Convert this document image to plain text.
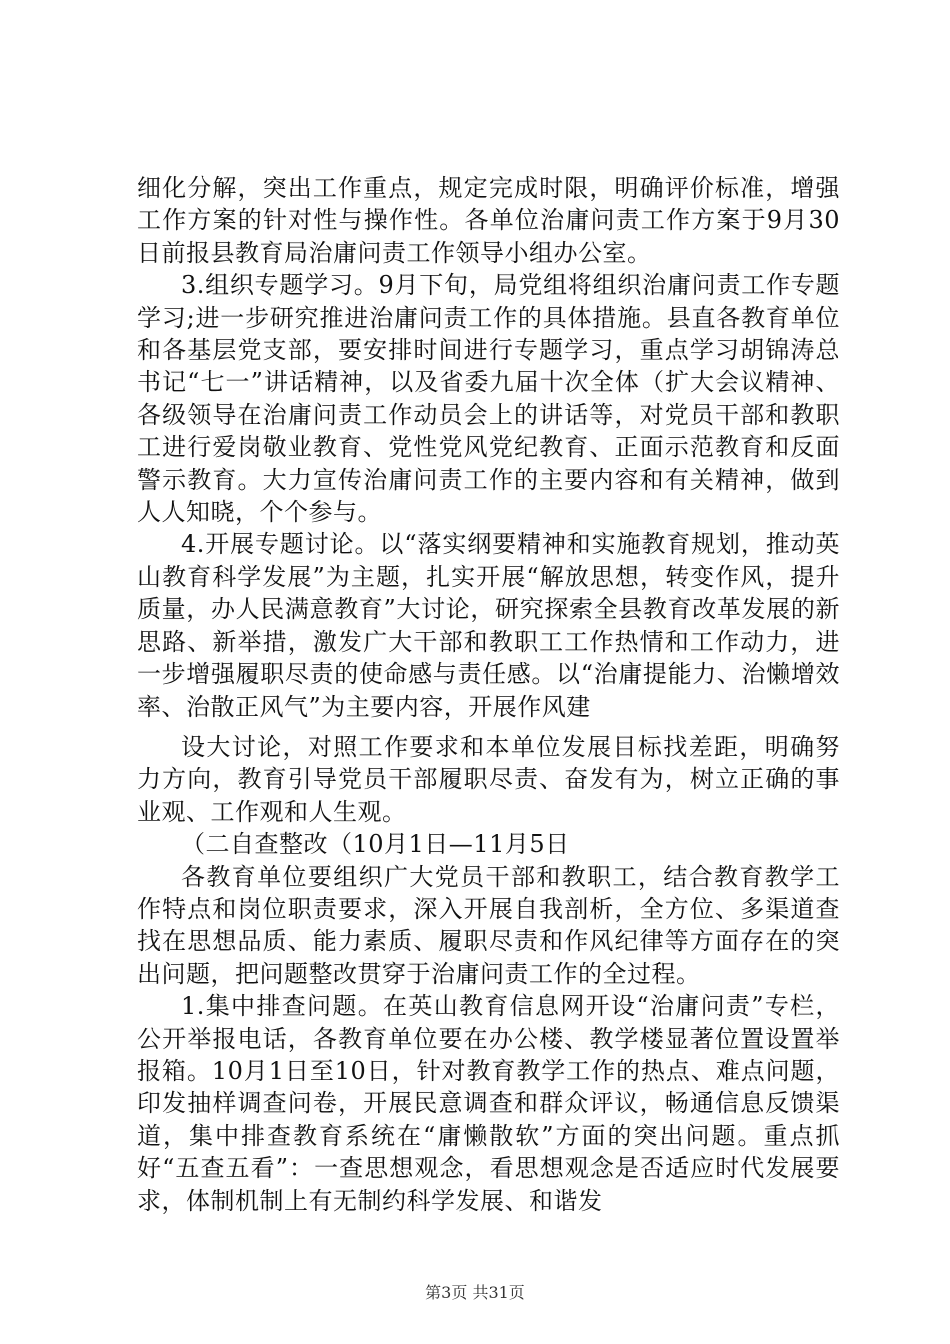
细化分解，突出工作重点，规定完成时限，明确评价标准，增强工作方案的针对性与操作性。各单位治庸问责工作方案于9月30日前报县教育局治庸问责工作领导小组办公室。

3.组织专题学习。9月下旬，局党组将组织治庸问责工作专题学习;进一步研究推进治庸问责工作的具体措施。县直各教育单位和各基层党支部，要安排时间进行专题学习，重点学习胡锦涛总书记“七一”讲话精神，以及省委九届十次全体（扩大会议精神、各级领导在治庸问责工作动员会上的讲话等，对党员干部和教职工进行爱岗敬业教育、党性党风党纪教育、正面示范教育和反面警示教育。大力宣传治庸问责工作的主要内容和有关精神，做到人人知晓，个个参与。

4.开展专题讨论。以“落实纲要精神和实施教育规划，推动英山教育科学发展”为主题，扎实开展“解放思想，转变作风，提升质量，办人民满意教育”大讨论，研究探索全县教育改革发展的新思路、新举措，激发广大干部和教职工工作热情和工作动力，进一步增强履职尽责的使命感与责任感。以“治庸提能力、治懒增效率、治散正风气”为主要内容，开展作风建

设大讨论，对照工作要求和本单位发展目标找差距，明确努力方向，教育引导党员干部履职尽责、奋发有为，树立正确的事业观、工作观和人生观。

（二自查整改（10月1日—11月5日

各教育单位要组织广大党员干部和教职工，结合教育教学工作特点和岗位职责要求，深入开展自我剖析，全方位、多渠道查找在思想品质、能力素质、履职尽责和作风纪律等方面存在的突出问题，把问题整改贯穿于治庸问责工作的全过程。

1.集中排查问题。在英山教育信息网开设“治庸问责”专栏，公开举报电话，各教育单位要在办公楼、教学楼显著位置设置举报箱。10月1日至10日，针对教育教学工作的热点、难点问题，印发抽样调查问卷，开展民意调查和群众评议，畅通信息反馈渠道，集中排查教育系统在“庸懒散软”方面的突出问题。重点抓好“五查五看”：一查思想观念，看思想观念是否适应时代发展要求，体制机制上有无制约科学发展、和谐发

第3页 共31页
